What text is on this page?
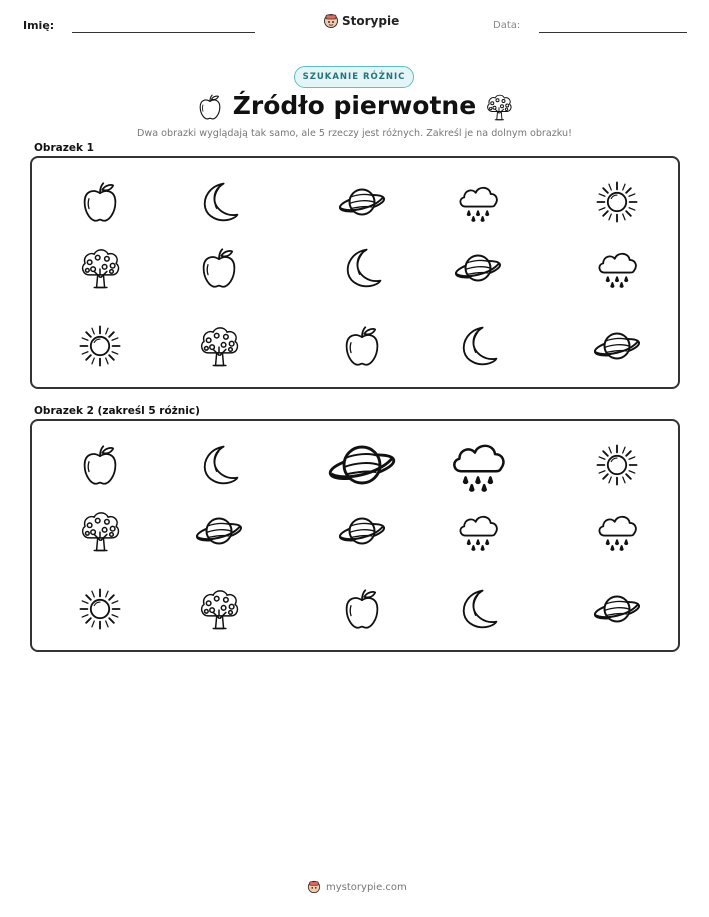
Imię:	Storypie	Data:
SZUKANIE RÓŻNIC
Źródło pierwotne
Dwa obrazki wyglądają tak samo, ale 5 rzeczy jest różnych. Zakreśl je na dolnym obrazku!
Obrazek 1
Obrazek 2 (zakreśl 5 różnic)
mystorypie.com
